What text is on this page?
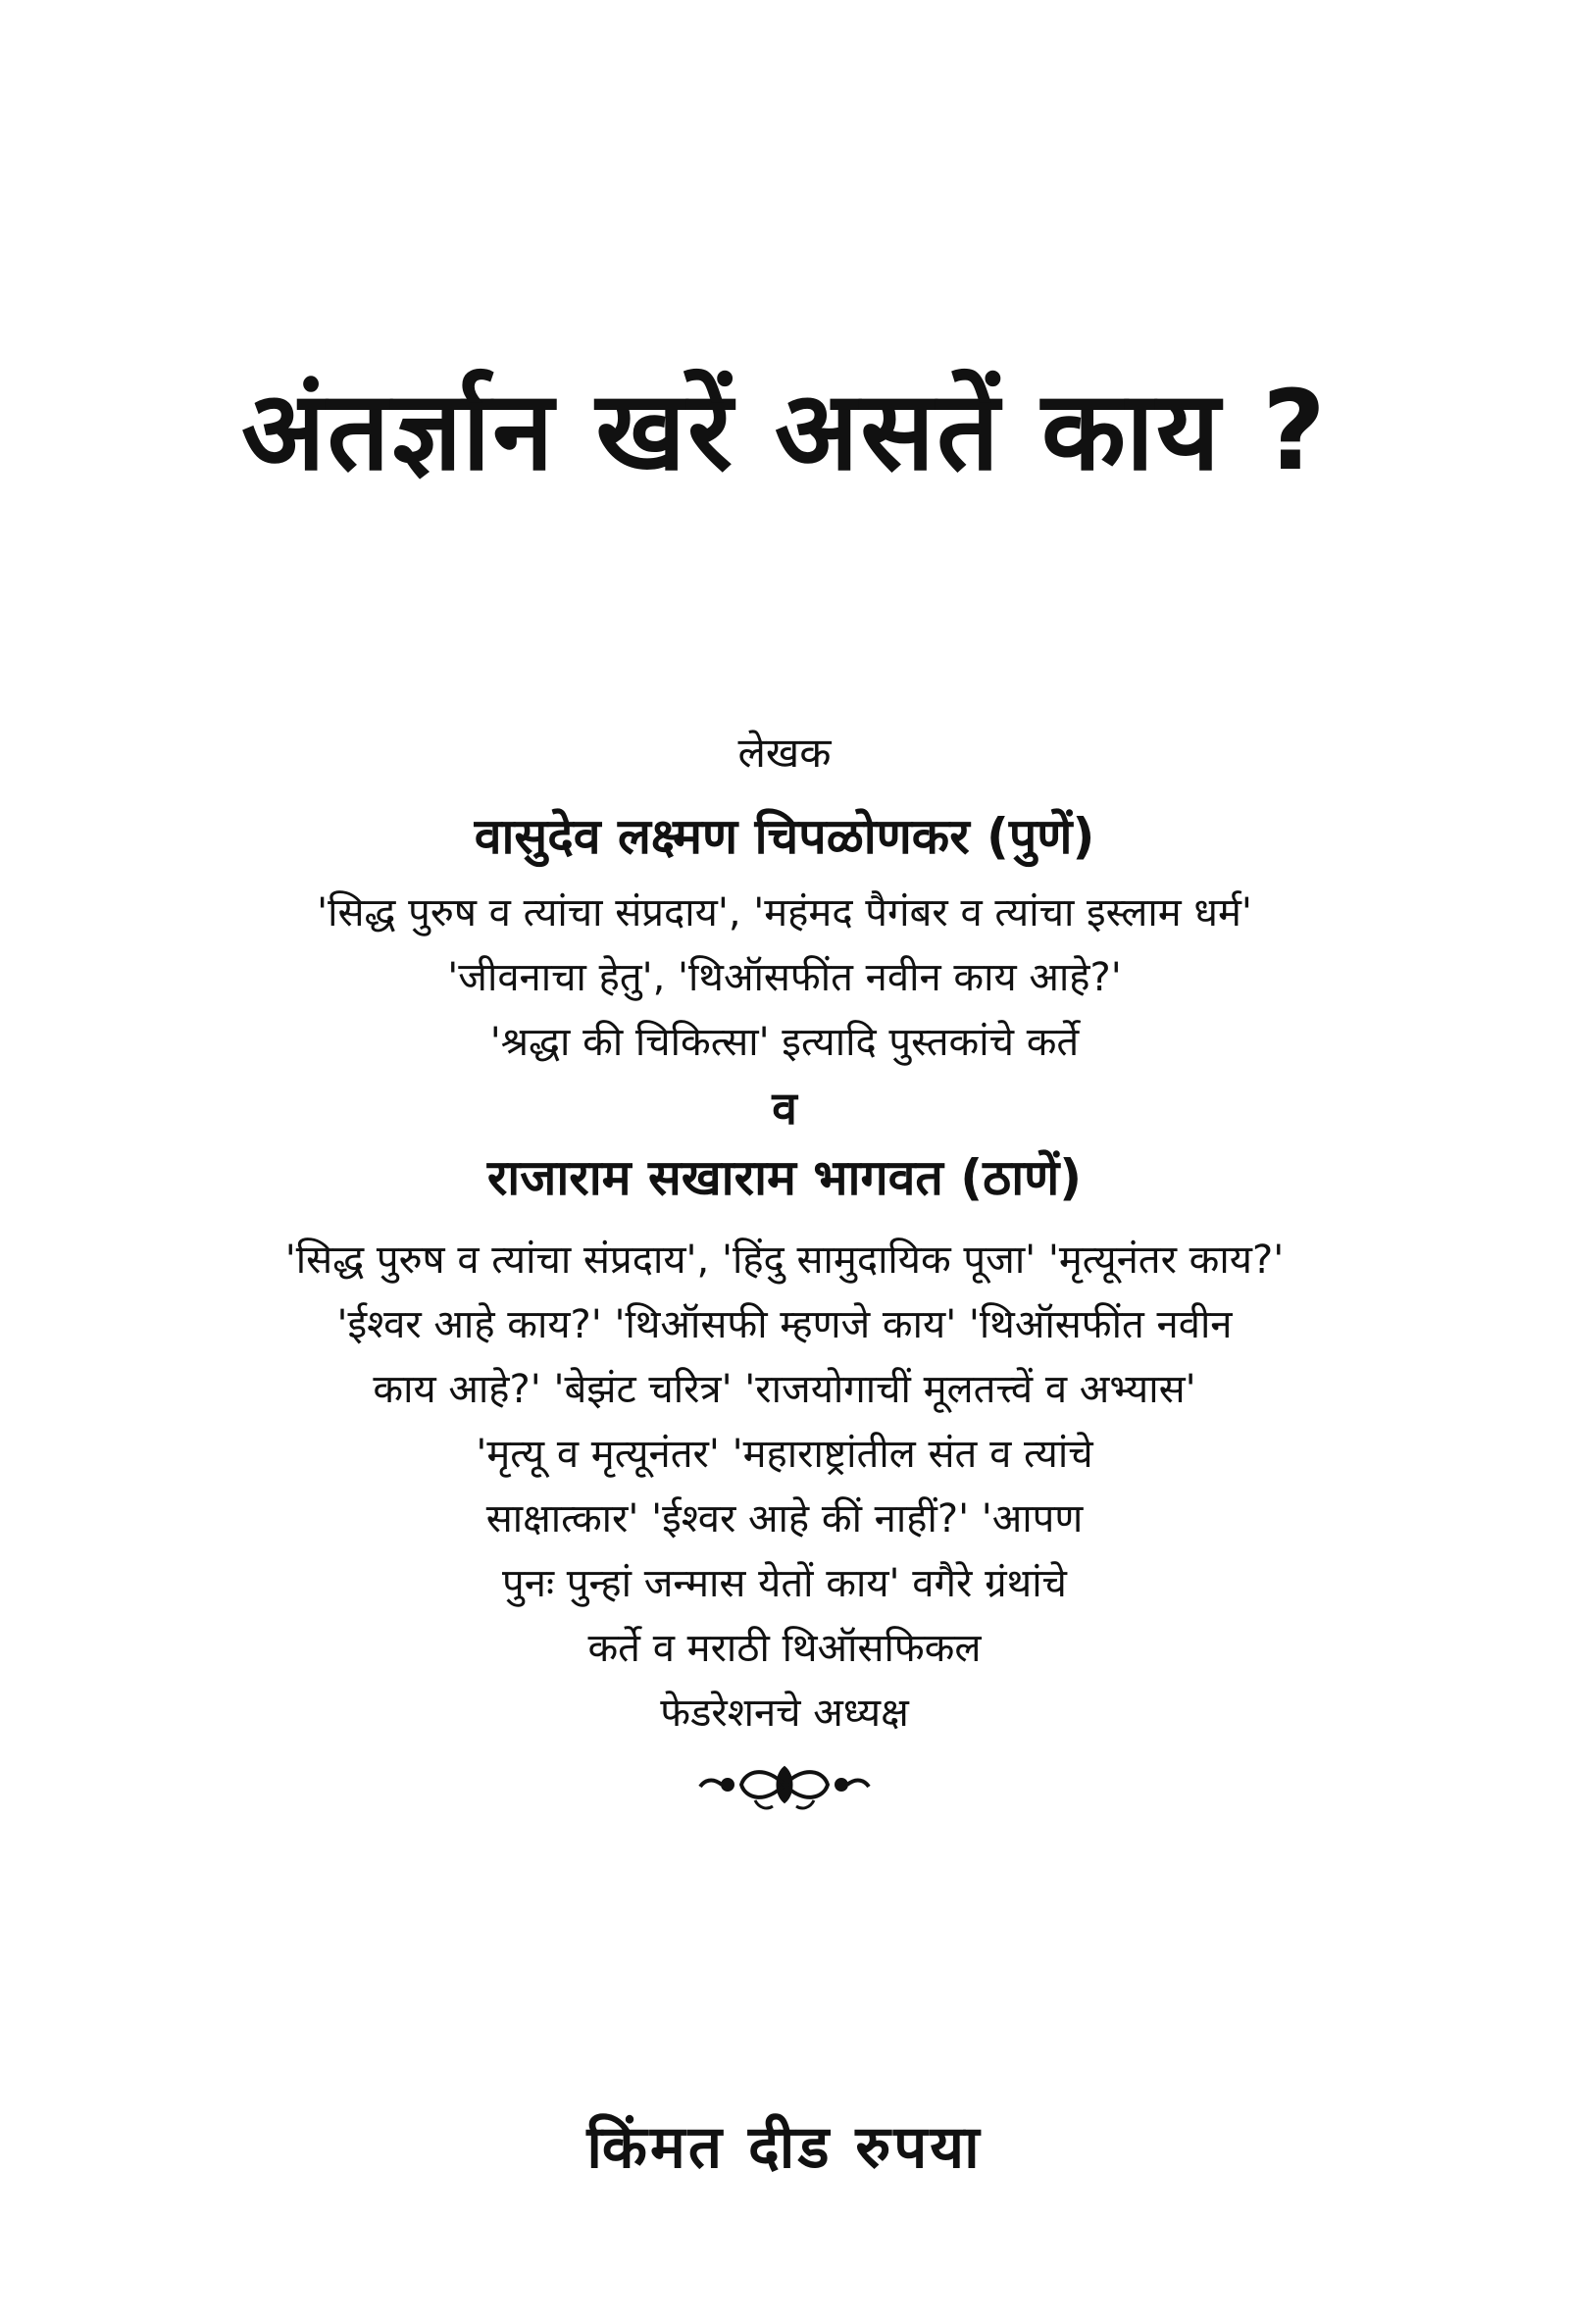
अंतर्ज्ञान खरें असतें काय ?

लेखक

वासुदेव लक्ष्मण चिपळोणकर (पुणें)

'सिद्ध पुरुष व त्यांचा संप्रदाय', 'महंमद पैगंबर व त्यांचा इस्लाम धर्म'

'जीवनाचा हेतु', 'थिऑसफींत नवीन काय आहे?'

'श्रद्धा की चिकित्सा' इत्यादि पुस्तकांचे कर्ते

व

राजाराम सखाराम भागवत (ठाणें)

'सिद्ध पुरुष व त्यांचा संप्रदाय', 'हिंदु सामुदायिक पूजा' 'मृत्यूनंतर काय?'

'ईश्वर आहे काय?' 'थिऑसफी म्हणजे काय' 'थिऑसफींत नवीन

काय आहे?' 'बेझंट चरित्र' 'राजयोगाचीं मूलतत्त्वें व अभ्यास'

'मृत्यू व मृत्यूनंतर' 'महाराष्ट्रांतील संत व त्यांचे

साक्षात्कार' 'ईश्वर आहे कीं नाहीं?' 'आपण

पुनः पुन्हां जन्मास येतों काय' वगैरे ग्रंथांचे

कर्ते व मराठी थिऑसफिकल

फेडरेशनचे अध्यक्ष

किंमत दीड रुपया
